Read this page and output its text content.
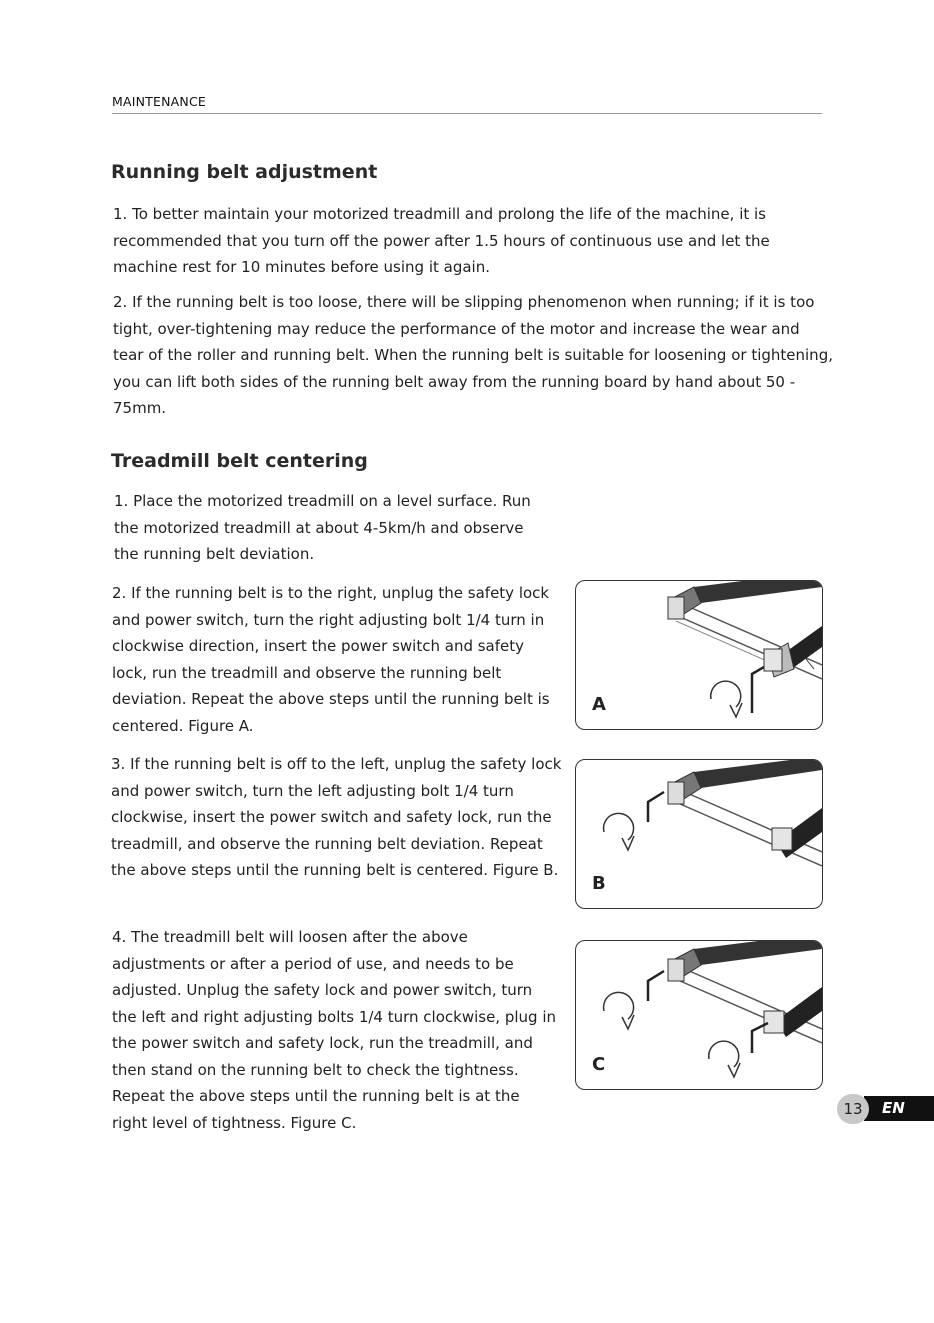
MAINTENANCE
Running belt adjustment

1. To better maintain your motorized treadmill and prolong the life of the machine, it is recommended that you turn off the power after 1.5 hours of continuous use and let the machine rest for 10 minutes before using it again.

2. If the running belt is too loose, there will be slipping phenomenon when running; if it is too tight, over-tightening may reduce the performance of the motor and increase the wear and tear of the roller and running belt. When the running belt is suitable for loosening or tightening, you can lift both sides of the running belt away from the running board by hand about 50 - 75mm.

Treadmill belt centering

1. Place the motorized treadmill on a level surface. Run the motorized treadmill at about 4-5km/h and observe the running belt deviation.

2. If the running belt is to the right, unplug the safety lock and power switch, turn the right adjusting bolt 1/4 turn in clockwise direction, insert the power switch and safety lock, run the treadmill and observe the running belt deviation. Repeat the above steps until the running belt is centered. Figure A.

3. If the running belt is off to the left, unplug the safety lock and power switch, turn the left adjusting bolt 1/4 turn clockwise, insert the power switch and safety lock, run the treadmill, and observe the running belt deviation. Repeat the above steps until the running belt is centered. Figure B.

4. The treadmill belt will loosen after the above adjustments or after a period of use, and needs to be adjusted. Unplug the safety lock and power switch, turn the left and right adjusting bolts 1/4 turn clockwise, plug in the power switch and safety lock, run the treadmill, and then stand on the running belt to check the tightness. Repeat the above steps until the running belt is at the right level of tightness. Figure C.

A
B
C
EN
13
